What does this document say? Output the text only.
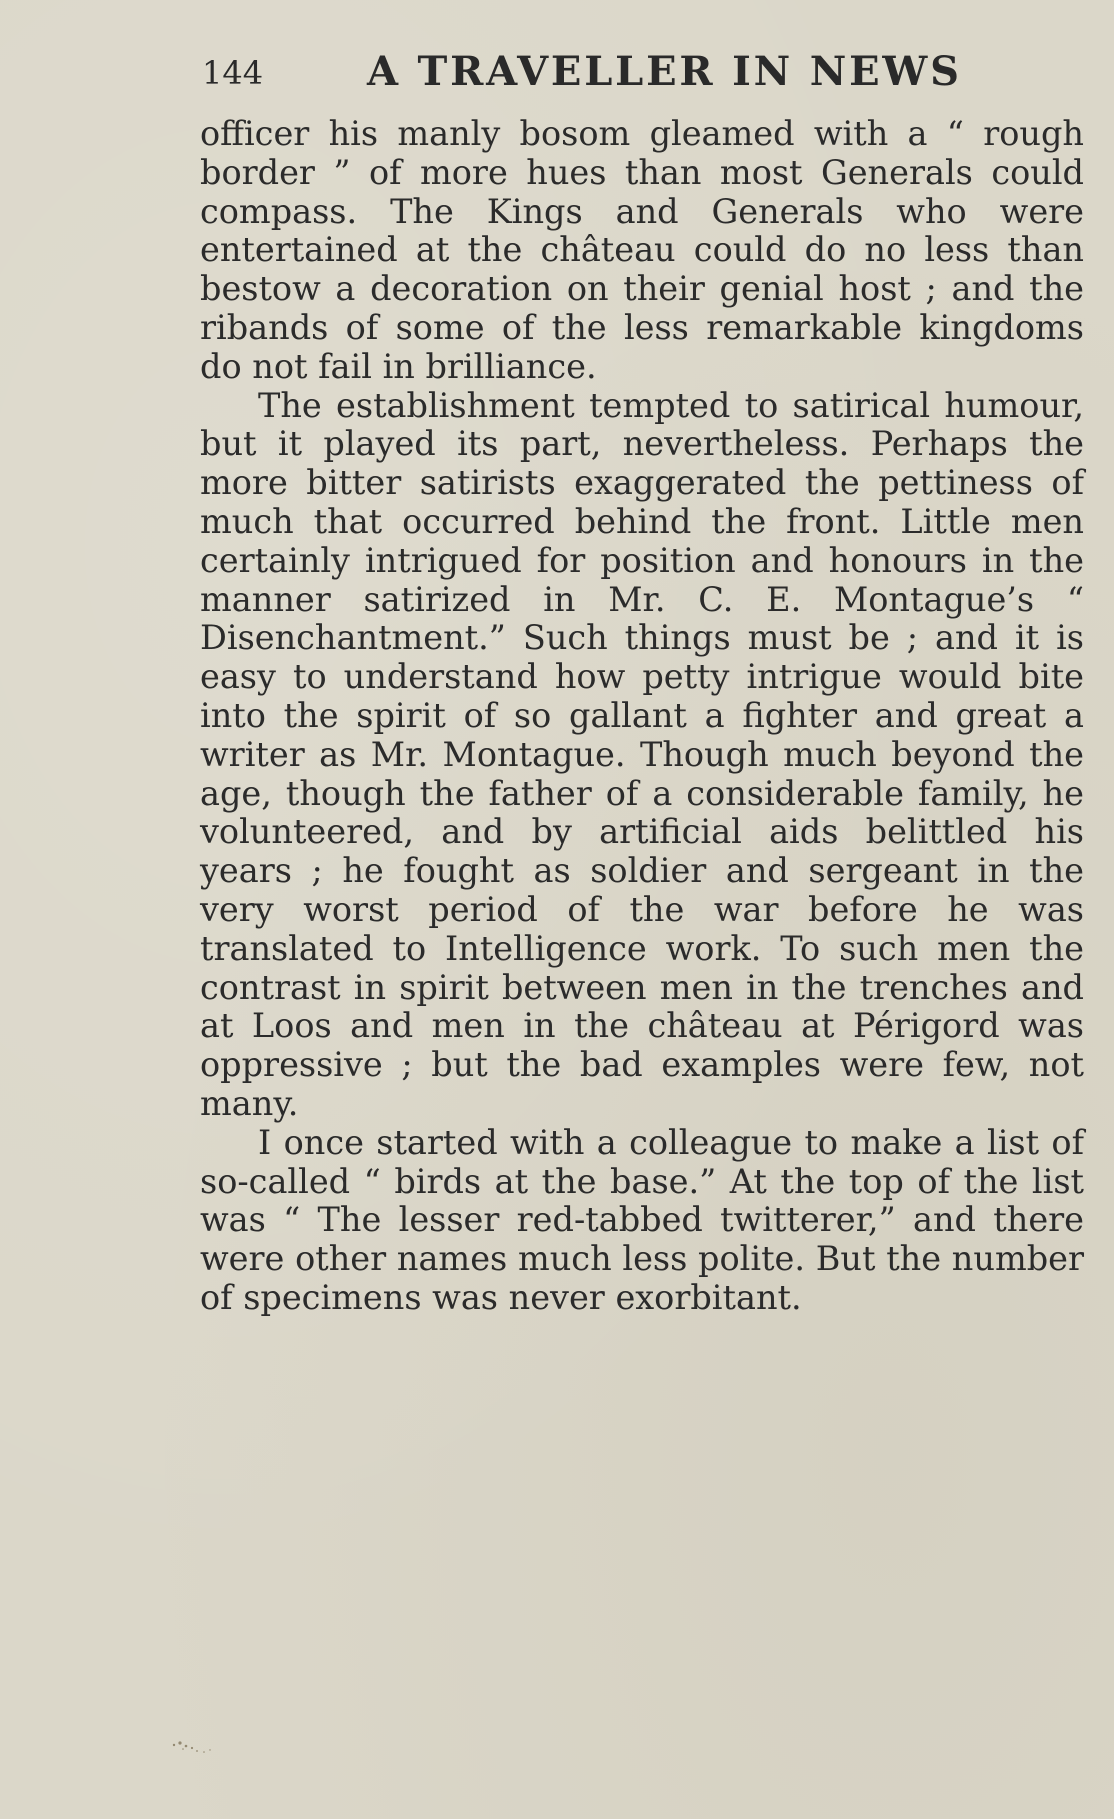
144	A TRAVELLER IN NEWS

officer his manly bosom gleamed with a “ rough border ” of more hues than most Generals could compass. The Kings and Generals who were entertained at the château could do no less than bestow a decoration on their genial host ; and the ribands of some of the less remarkable kingdoms do not fail in brilliance.

The establishment tempted to satirical humour, but it played its part, nevertheless. Perhaps the more bitter satirists exaggerated the pettiness of much that occurred behind the front. Little men certainly intrigued for position and honours in the manner satirized in Mr. C. E. Montague’s “ Disenchantment.” Such things must be ; and it is easy to understand how petty intrigue would bite into the spirit of so gallant a fighter and great a writer as Mr. Montague. Though much beyond the age, though the father of a considerable family, he volunteered, and by artificial aids belittled his years ; he fought as soldier and sergeant in the very worst period of the war before he was translated to Intelligence work. To such men the contrast in spirit between men in the trenches and at Loos and men in the château at Périgord was oppressive ; but the bad examples were few, not many.

I once started with a colleague to make a list of so-called “ birds at the base.” At the top of the list was “ The lesser red-tabbed twitterer,” and there were other names much less polite. But the number of specimens was never exorbitant.
